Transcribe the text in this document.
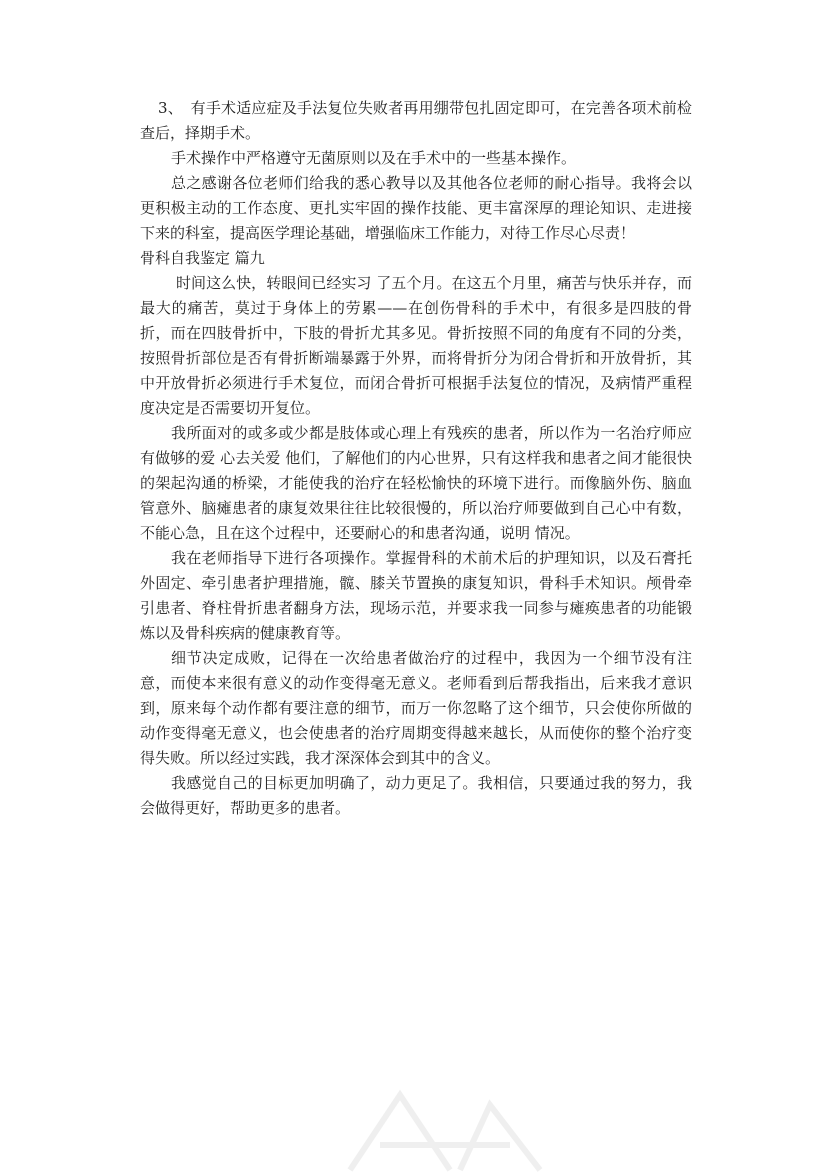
3、　有手术适应症及手法复位失败者再用绷带包扎固定即可，在完善各项术前检查后，择期手术。

手术操作中严格遵守无菌原则以及在手术中的一些基本操作。

总之感谢各位老师们给我的悉心教导以及其他各位老师的耐心指导。我将会以更积极主动的工作态度、更扎实牢固的操作技能、更丰富深厚的理论知识、走进接下来的科室，提高医学理论基础，增强临床工作能力，对待工作尽心尽责！

骨科自我鉴定 篇九

时间这么快，转眼间已经实习 了五个月。在这五个月里，痛苦与快乐并存，而最大的痛苦，莫过于身体上的劳累——在创伤骨科的手术中，有很多是四肢的骨折，而在四肢骨折中，下肢的骨折尤其多见。骨折按照不同的角度有不同的分类，按照骨折部位是否有骨折断端暴露于外界，而将骨折分为闭合骨折和开放骨折，其中开放骨折必须进行手术复位，而闭合骨折可根据手法复位的情况，及病情严重程度决定是否需要切开复位。

我所面对的或多或少都是肢体或心理上有残疾的患者，所以作为一名治疗师应有做够的爱 心去关爱 他们，了解他们的内心世界，只有这样我和患者之间才能很快的架起沟通的桥梁，才能使我的治疗在轻松愉快的环境下进行。而像脑外伤、脑血管意外、脑瘫患者的康复效果往往比较很慢的，所以治疗师要做到自己心中有数，不能心急，且在这个过程中，还要耐心的和患者沟通，说明 情况。

我在老师指导下进行各项操作。掌握骨科的术前术后的护理知识，以及石膏托外固定、牵引患者护理措施，髋、膝关节置换的康复知识，骨科手术知识。颅骨牵引患者、脊柱骨折患者翻身方法，现场示范，并要求我一同参与瘫痪患者的功能锻炼以及骨科疾病的健康教育等。

细节决定成败，记得在一次给患者做治疗的过程中，我因为一个细节没有注意，而使本来很有意义的动作变得毫无意义。老师看到后帮我指出，后来我才意识到，原来每个动作都有要注意的细节，而万一你忽略了这个细节，只会使你所做的动作变得毫无意义，也会使患者的治疗周期变得越来越长，从而使你的整个治疗变得失败。所以经过实践，我才深深体会到其中的含义。

我感觉自己的目标更加明确了，动力更足了。我相信，只要通过我的努力，我会做得更好，帮助更多的患者。
